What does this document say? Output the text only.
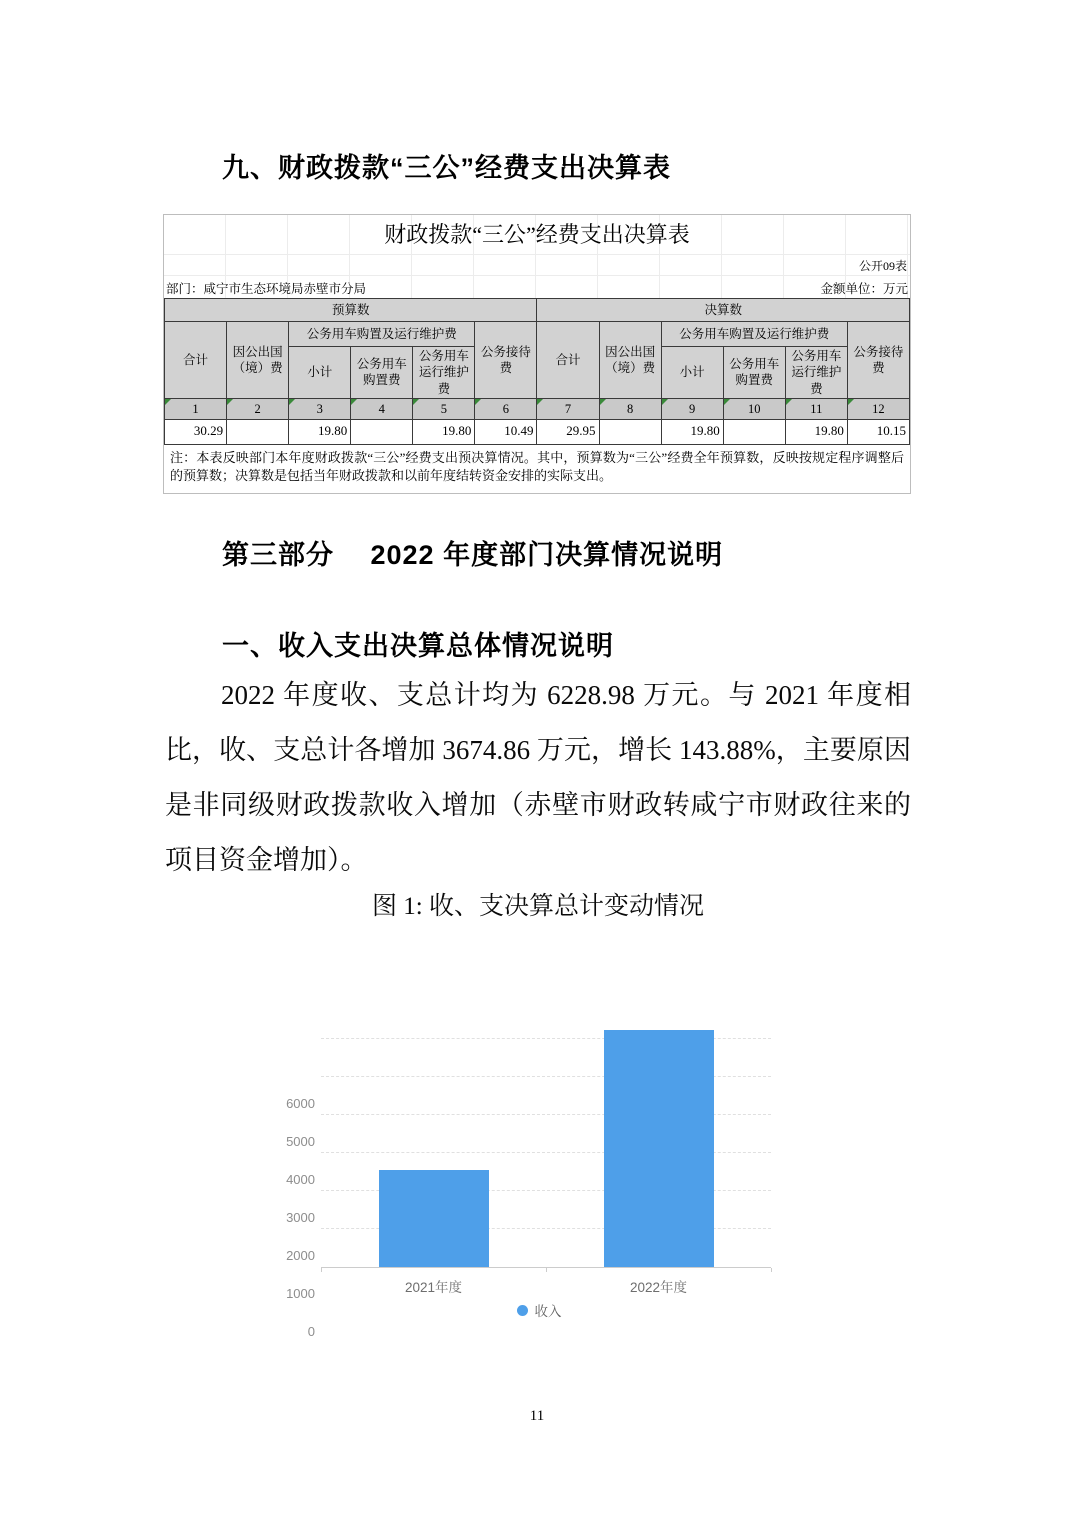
九、财政拨款“三公”经费支出决算表
财政拨款“三公”经费支出决算表
公开09表
部门：咸宁市生态环境局赤壁市分局	金额单位：万元
预算数						决算数					
合计	因公出国（境）费	公务用车购置及运行维护费			公务接待费	合计	因公出国（境）费	公务用车购置及运行维护费			公务接待费
		小计	公务用车购置费	公务用车运行维护费				小计	公务用车购置费	公务用车运行维护费	

1	2	3	4	5	6	7	8	9	10	11	12
30.29		19.80		19.80	10.49	29.95		19.80		19.80	10.15
注：本表反映部门本年度财政拨款“三公”经费支出预决算情况。其中，预算数为“三公”经费全年预算数，反映按规定程序调整后的预算数；决算数是包括当年财政拨款和以前年度结转资金安排的实际支出。
第三部分　 2022 年度部门决算情况说明
一、收入支出决算总体情况说明
2022 年度收、支总计均为 6228.98 万元。与 2021 年度相比，收、支总计各增加 3674.86 万元，增长 143.88%，主要原因是非同级财政拨款收入增加（赤壁市财政转咸宁市财政往来的项目资金增加）。
图 1: 收、支决算总计变动情况
收入
0
1000
2000
3000
4000
5000
6000
2021年度	2022年度
11
